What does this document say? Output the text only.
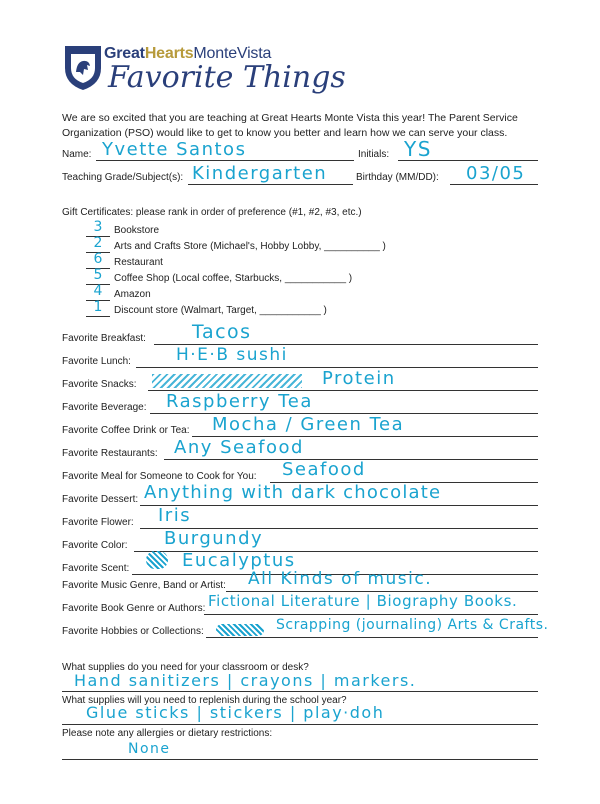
GreatHeartsMonteVista
Favorite Things
We are so excited that you are teaching at Great Hearts Monte Vista this year! The Parent Service Organization (PSO) would like to get to know you better and learn how we can serve your class.
Name: Yvette Santos	Initials: YS
Teaching Grade/Subject(s): Kindergarten	Birthday (MM/DD): 03/05
Gift Certificates: please rank in order of preference (#1, #2, #3, etc.)
3	Bookstore
2	Arts and Crafts Store (Michael's, Hobby Lobby, __________ )
6	Restaurant
5	Coffee Shop (Local coffee, Starbucks, ___________ )
4	Amazon
1	Discount store (Walmart, Target, ___________ )
Favorite Breakfast: Tacos
Favorite Lunch:	H·E·B sushi
Favorite Snacks:	Protein
Favorite Beverage: Raspberry Tea
Favorite Coffee Drink or Tea: Mocha / Green Tea
Favorite Restaurants: Any Seafood
Favorite Meal for Someone to Cook for You: Seafood
Favorite Dessert: Anything with dark chocolate
Favorite Flower: Iris
Favorite Color: Burgundy
Favorite Scent:	Eucalyptus
Favorite Music Genre, Band or Artist: All Kinds of music.
Favorite Book Genre or Authors: Fictional Literature | Biography Books.
Favorite Hobbies or Collections:	Scrapping (journaling) Arts & Crafts.
What supplies do you need for your classroom or desk?
Hand sanitizers | crayons | markers.
What supplies will you need to replenish during the school year?
Glue sticks | stickers | play·doh
Please note any allergies or dietary restrictions:
None
